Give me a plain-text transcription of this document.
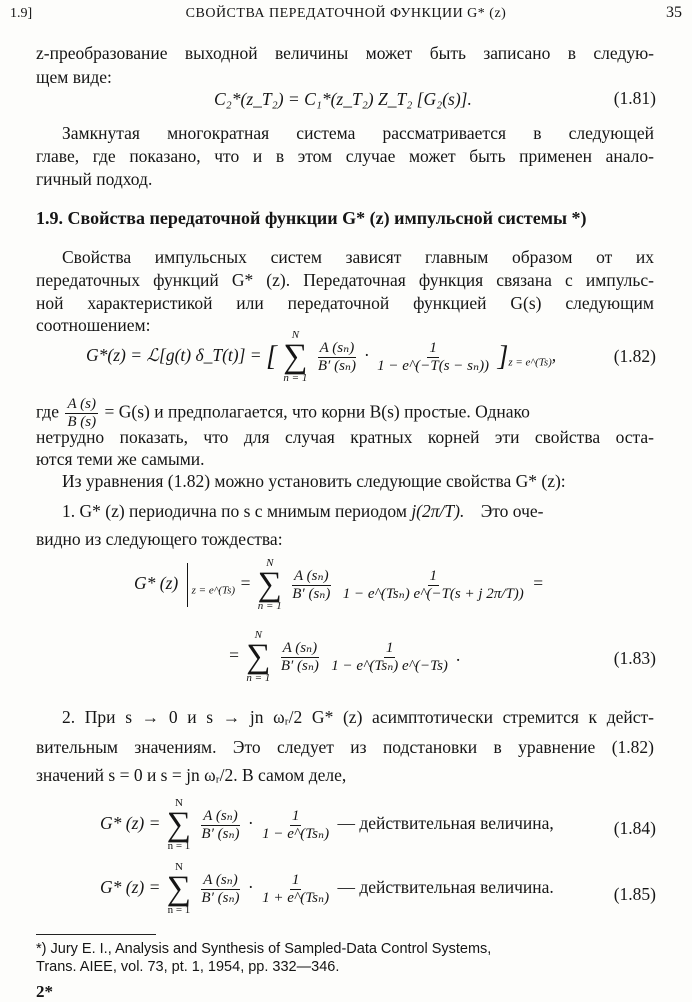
1.9]	СВОЙСТВА ПЕРЕДАТОЧНОЙ ФУНКЦИИ G* (z)	35
z-преобразование выходной величины может быть записано в следую-
щем виде:
C₂*(z_T₂) = C₁*(z_T₂) Z_T₂ [G₂(s)].	(1.81)
Замкнутая многократная система рассматривается в следующей
главе, где показано, что и в этом случае может быть применен анало-
гичный подход.
1.9. Свойства передаточной функции G* (z) импульсной системы *)
Свойства импульсных систем зависят главным образом от их
передаточных функций G* (z). Передаточная функция связана с импульс-
ной характеристикой или передаточной функцией G(s) следующим
соотношением:
G*(z) = ℒ[g(t) δ_T(t)] = [
N
∑
n = 1

$\frac{\text{A (sₙ)}}{\text{B′ (sₙ)}} \cdot \frac{1}{\text{1 − e\textasciicircum{}(−T(s − sₙ))}} ]_{z = e\^{}(Ts)}$,	(1.82)
где $\frac{A (s)}{B (s)} = G(s)$ и предполагается, что корни B(s) простые. Однако
нетрудно показать, что для случая кратных корней эти свойства оста-
ются теми же самыми.
Из уравнения (1.82) можно установить следующие свойства G* (z):
1. G* (z) периодична по s с мнимым периодом j(2π/T). Это оче-
видно из следующего тождества:
G* (z) $_{z = e\^{}(Ts)}$ =
N
∑
n = 1

$\frac{\text{A (sₙ)}}{\text{B′ (sₙ)}}$
$\frac{1}{\text{1 − e\textasciicircum{}(Tsₙ) e\textasciicircum{}(−T(s + j 2π/T))}}$ =
=
N
∑
n = 1

$\frac{\text{A (sₙ)}}{\text{B′ (sₙ)}}$
$\frac{1}{\text{1 − e\textasciicircum{}(Tsₙ) e\textasciicircum{}(−Ts)}}$ .	(1.83)
2. При s → 0 и s → jn ωᵣ/2 G* (z) асимптотически стремится к дейст-
вительным значениям. Это следует из подстановки в уравнение (1.82)
значений s = 0 и s = jn ωᵣ/2. В самом деле,
G* (z) =
N
∑
n = 1

$\frac{\text{A (sₙ)}}{\text{B′ (sₙ)}} \cdot \frac{1}{\text{1 − e\textasciicircum{}(Tsₙ)}}$ — действительная величина,	(1.84)
G* (z) =
N
∑
n = 1

$\frac{\text{A (sₙ)}}{\text{B′ (sₙ)}} \cdot \frac{1}{\text{1 + e\textasciicircum{}(Tsₙ)}}$ — действительная величина.	(1.85)
*) Jury E. I., Analysis and Synthesis of Sampled-Data Control Systems,
Trans. AIEE, vol. 73, pt. 1, 1954, pp. 332—346.
2*
